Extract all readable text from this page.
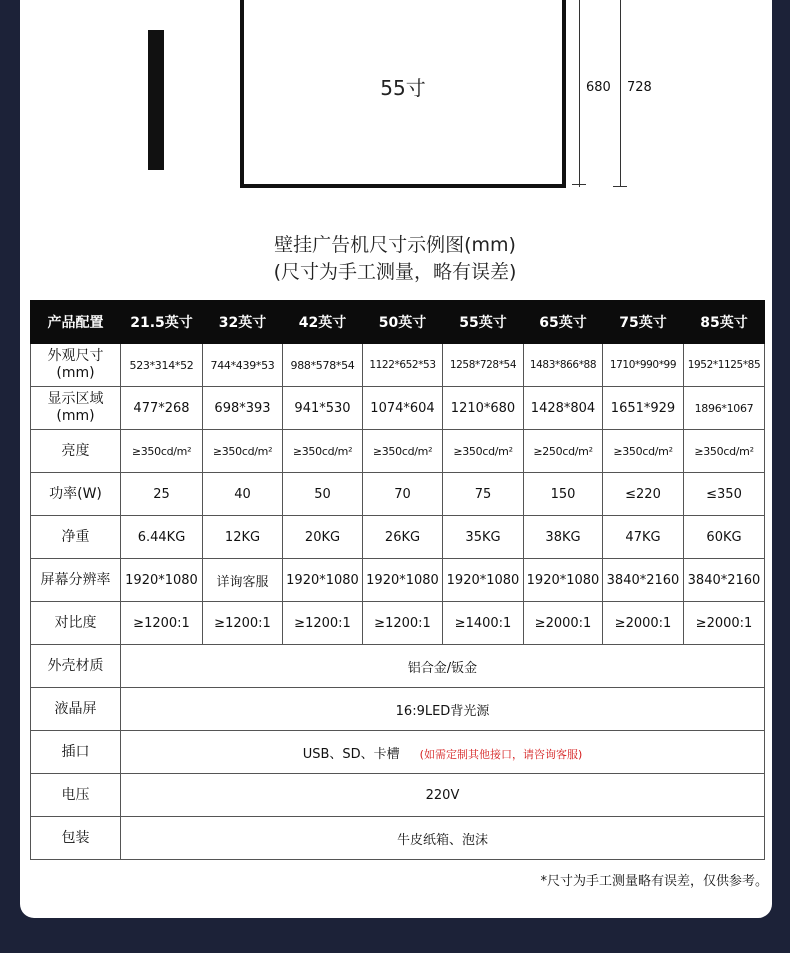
55寸	680 728
壁挂广告机尺寸示例图(mm)
(尺寸为手工测量，略有误差)
产品配置	21.5英寸	32英寸	42英寸	50英寸	55英寸	65英寸	75英寸	85英寸
外观尺寸
(mm)	523*314*52	744*439*53	988*578*54	1122*652*53	1258*728*54	1483*866*88	1710*990*99	1952*1125*85
显示区域
(mm)	477*268	698*393	941*530	1074*604	1210*680	1428*804	1651*929	1896*1067
亮度	≥350cd/m²	≥350cd/m²	≥350cd/m²	≥350cd/m²	≥350cd/m²	≥250cd/m²	≥350cd/m²	≥350cd/m²
功率(W)	25	40	50	70	75	150	≤220	≤350
净重	6.44KG	12KG	20KG	26KG	35KG	38KG	47KG	60KG
屏幕分辨率	1920*1080	详询客服	1920*1080	1920*1080	1920*1080	1920*1080	3840*2160	3840*2160
对比度	≥1200:1	≥1200:1	≥1200:1	≥1200:1	≥1400:1	≥2000:1	≥2000:1	≥2000:1
外壳材质	铝合金/钣金							
液晶屏	16:9LED背光源							
插口	USB、SD、卡槽 (如需定制其他接口，请咨询客服)							
电压	220V							
包装	牛皮纸箱、泡沫							
*尺寸为手工测量略有误差，仅供参考。
